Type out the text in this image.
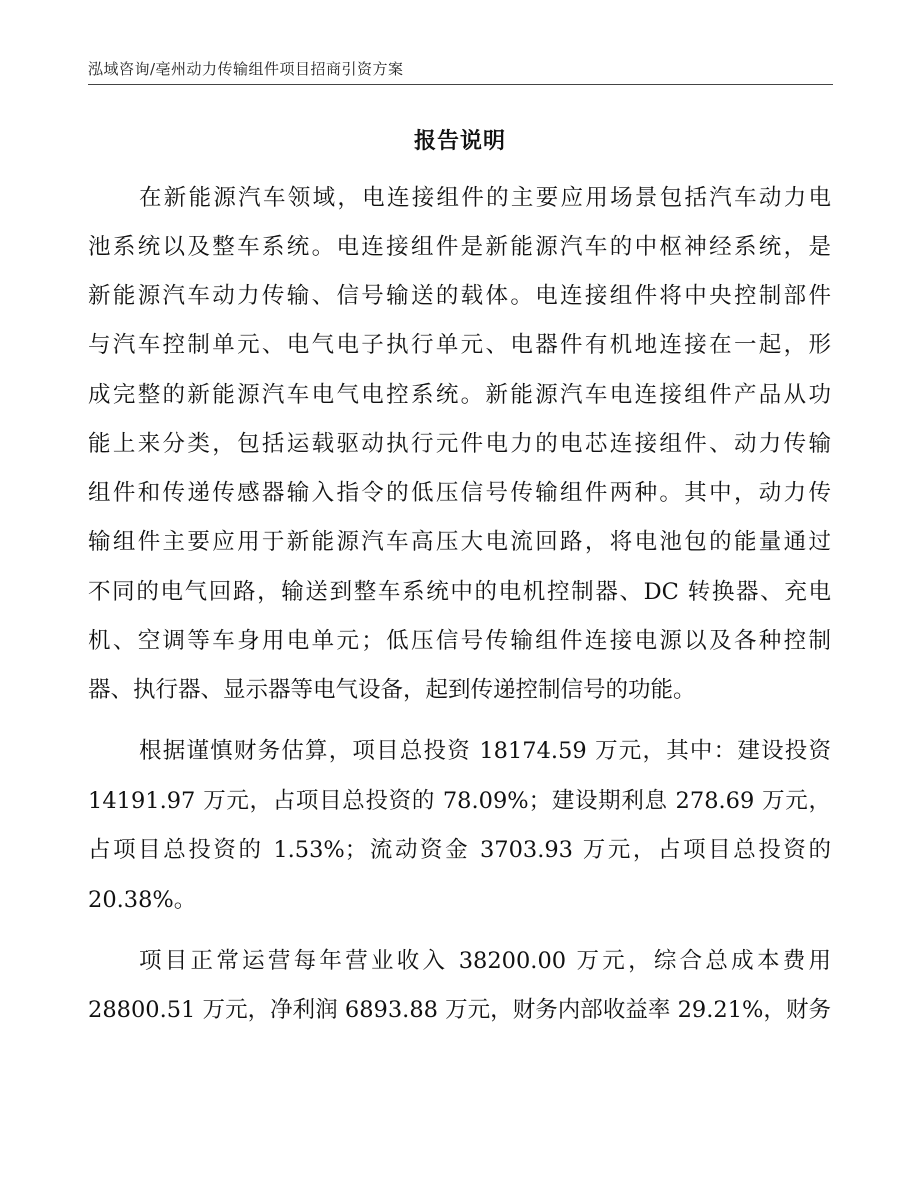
泓域咨询/亳州动力传输组件项目招商引资方案
报告说明
在新能源汽车领域，电连接组件的主要应用场景包括汽车动力电
池系统以及整车系统。电连接组件是新能源汽车的中枢神经系统，是
新能源汽车动力传输、信号输送的载体。电连接组件将中央控制部件
与汽车控制单元、电气电子执行单元、电器件有机地连接在一起，形
成完整的新能源汽车电气电控系统。新能源汽车电连接组件产品从功
能上来分类，包括运载驱动执行元件电力的电芯连接组件、动力传输
组件和传递传感器输入指令的低压信号传输组件两种。其中，动力传
输组件主要应用于新能源汽车高压大电流回路，将电池包的能量通过
不同的电气回路，输送到整车系统中的电机控制器、DC 转换器、充电
机、空调等车身用电单元；低压信号传输组件连接电源以及各种控制
器、执行器、显示器等电气设备，起到传递控制信号的功能。
根据谨慎财务估算，项目总投资 18174.59 万元，其中：建设投资
14191.97 万元，占项目总投资的 78.09%；建设期利息 278.69 万元，
占项目总投资的 1.53%；流动资金 3703.93 万元，占项目总投资的
20.38%。
项目正常运营每年营业收入 38200.00 万元，综合总成本费用
28800.51 万元，净利润 6893.88 万元，财务内部收益率 29.21%，财务
